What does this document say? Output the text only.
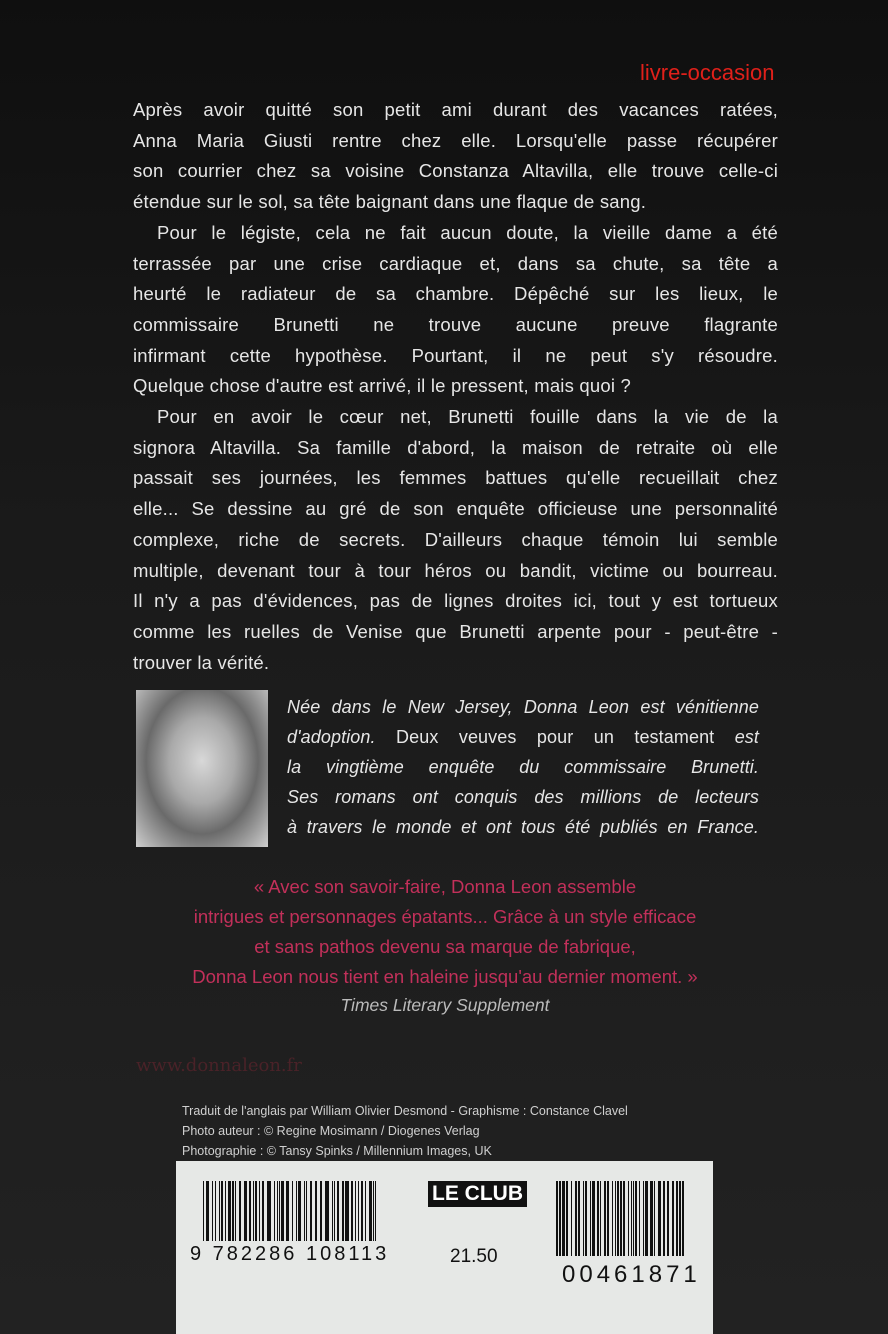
livre-occasion
Après avoir quitté son petit ami durant des vacances ratées,
Anna Maria Giusti rentre chez elle. Lorsqu'elle passe récupérer
son courrier chez sa voisine Constanza Altavilla, elle trouve celle-ci
étendue sur le sol, sa tête baignant dans une flaque de sang.
Pour le légiste, cela ne fait aucun doute, la vieille dame a été
terrassée par une crise cardiaque et, dans sa chute, sa tête a
heurté le radiateur de sa chambre. Dépêché sur les lieux, le
commissaire Brunetti ne trouve aucune preuve flagrante
infirmant cette hypothèse. Pourtant, il ne peut s'y résoudre.
Quelque chose d'autre est arrivé, il le pressent, mais quoi ?
Pour en avoir le cœur net, Brunetti fouille dans la vie de la
signora Altavilla. Sa famille d'abord, la maison de retraite où elle
passait ses journées, les femmes battues qu'elle recueillait chez
elle... Se dessine au gré de son enquête officieuse une personnalité
complexe, riche de secrets. D'ailleurs chaque témoin lui semble
multiple, devenant tour à tour héros ou bandit, victime ou bourreau.
Il n'y a pas d'évidences, pas de lignes droites ici, tout y est tortueux
comme les ruelles de Venise que Brunetti arpente pour - peut-être -
trouver la vérité.
Née dans le New Jersey, Donna Leon est vénitienne
d'adoption. Deux veuves pour un testament est
la vingtième enquête du commissaire Brunetti.
Ses romans ont conquis des millions de lecteurs
à travers le monde et ont tous été publiés en France.
« Avec son savoir-faire, Donna Leon assemble
intrigues et personnages épatants... Grâce à un style efficace
et sans pathos devenu sa marque de fabrique,
Donna Leon nous tient en haleine jusqu'au dernier moment. »
Times Literary Supplement
www.donnaleon.fr
Traduit de l'anglais par William Olivier Desmond - Graphisme : Constance Clavel
Photo auteur : © Regine Mosimann / Diogenes Verlag
Photographie : © Tansy Spinks / Millennium Images, UK
9 782286 108113
LE CLUB
21.50
00461871
